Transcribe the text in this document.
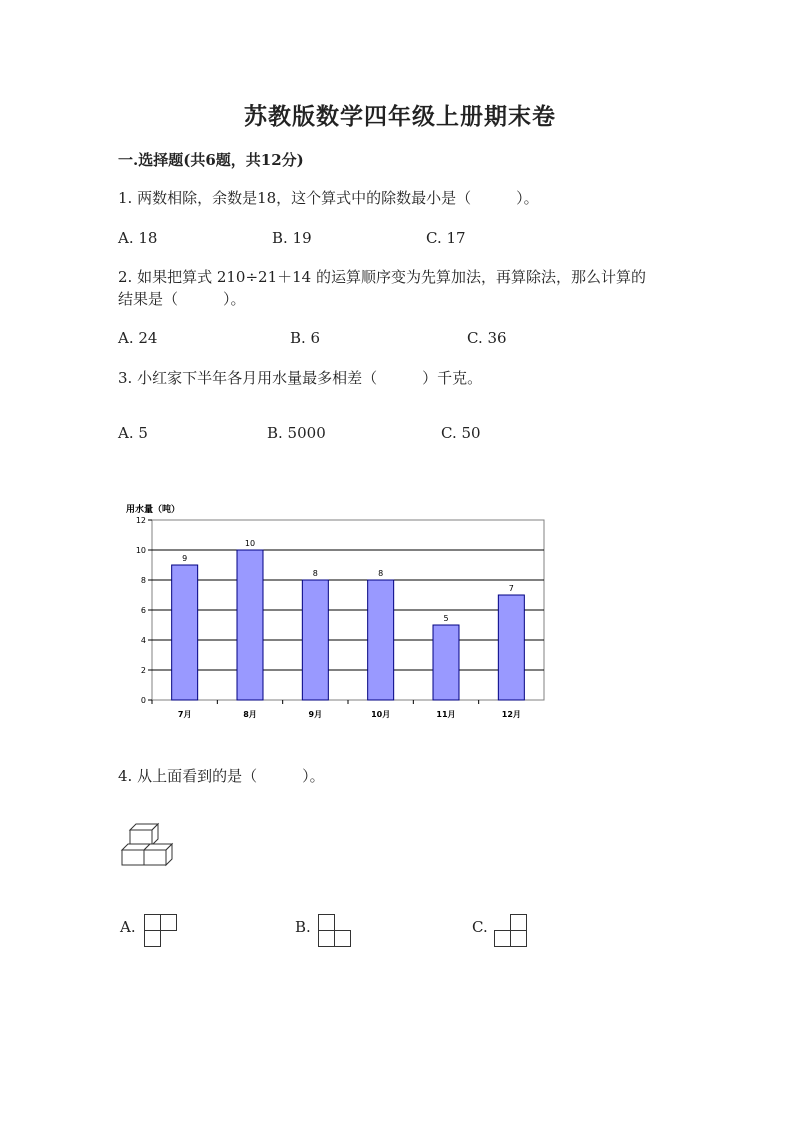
苏教版数学四年级上册期末卷
一.选择题(共6题，共12分)
1. 两数相除，余数是18，这个算式中的除数最小是（　　　）。
A. 18	B. 19	C. 17
2. 如果把算式 210÷21＋14 的运算顺序变为先算加法，再算除法，那么计算的
结果是（　　　）。
A. 24	B. 6	C. 36
3. 小红家下半年各月用水量最多相差（　　　）千克。
A. 5	B. 5000	C. 50
用水量（吨）
0
2
4
6
8
10
12
9
10
8	8
5
7
7月	8月	9月	10月	11月	12月
4. 从上面看到的是（　　　）。
A.	B.	C.
